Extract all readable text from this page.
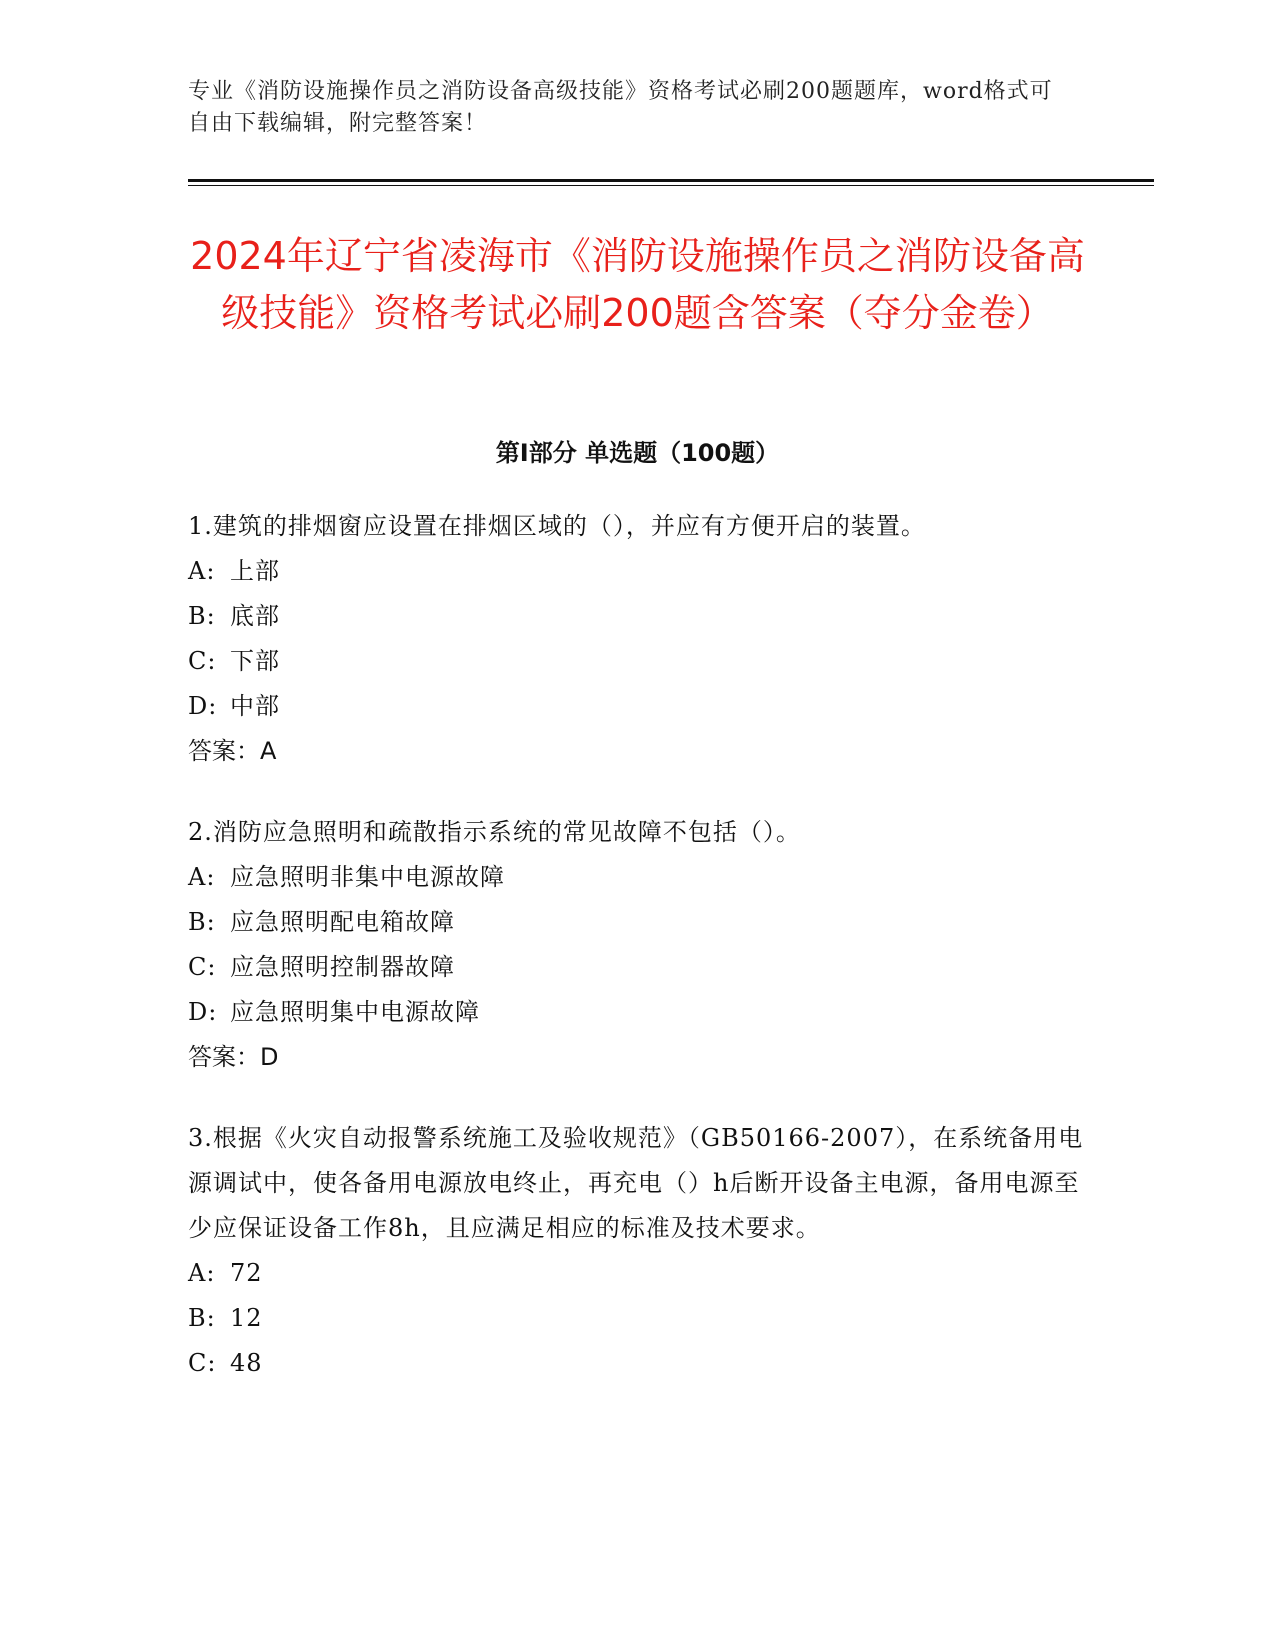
专业《消防设施操作员之消防设备高级技能》资格考试必刷200题题库，word格式可自由下载编辑，附完整答案！
2024年辽宁省凌海市《消防设施操作员之消防设备高级技能》资格考试必刷200题含答案（夺分金卷）
第Ⅰ部分 单选题（100题）

1.建筑的排烟窗应设置在排烟区域的（），并应有方便开启的装置。

A: 上部

B: 底部

C: 下部

D: 中部

答案：A

2.消防应急照明和疏散指示系统的常见故障不包括（）。

A: 应急照明非集中电源故障

B: 应急照明配电箱故障

C: 应急照明控制器故障

D: 应急照明集中电源故障

答案：D

3.根据《火灾自动报警系统施工及验收规范》（GB50166-2007），在系统备用电源调试中，使各备用电源放电终止，再充电（）h后断开设备主电源，备用电源至少应保证设备工作8h，且应满足相应的标准及技术要求。

A: 72

B: 12

C: 48
